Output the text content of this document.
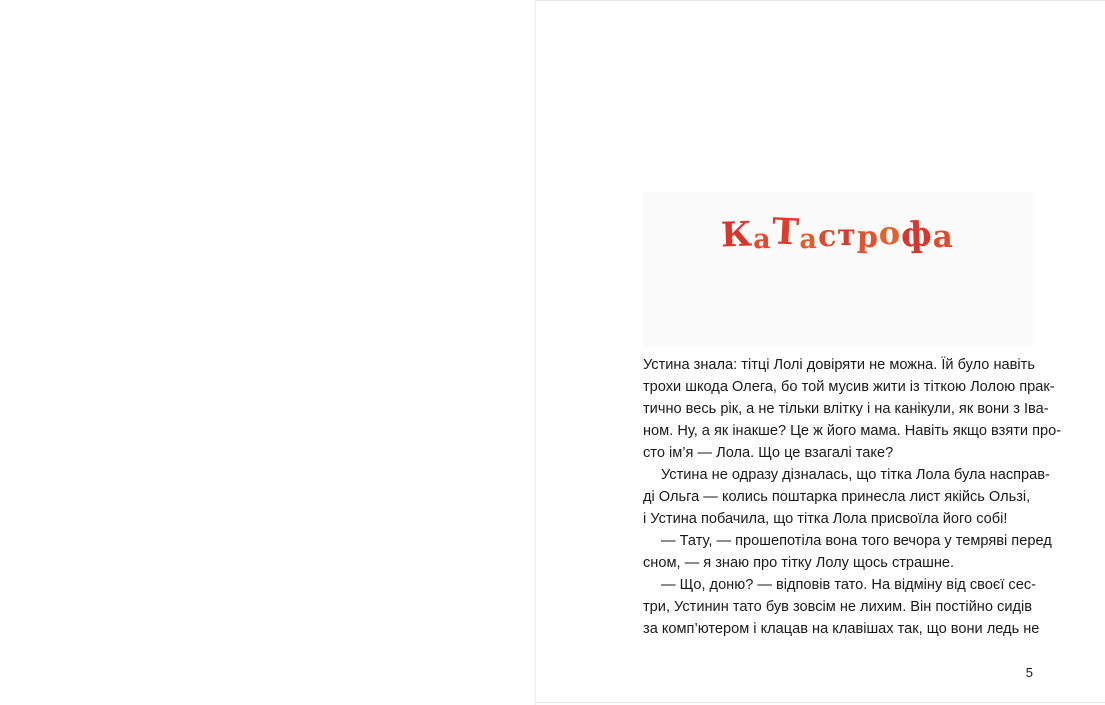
КаТастрофа
Устина знала: тітці Лолі довіряти не можна. Їй було навіть
трохи шкода Олега, бо той мусив жити із тіткою Лолою прак-
тично весь рік, а не тільки влітку і на канікули, як вони з Іва-
ном. Ну, а як інакше? Це ж його мама. Навіть якщо взяти про-
сто ім’я — Лола. Що це взагалі таке?
Устина не одразу дізналась, що тітка Лола була насправ-
ді Ольга — колись поштарка принесла лист якійсь Ользі,
і Устина побачила, що тітка Лола присвоїла його собі!
— Тату, — прошепотіла вона того вечора у темряві перед
сном, — я знаю про тітку Лолу щось страшне.
— Що, доню? — відповів тато. На відміну від своєї сес-
три, Устинин тато був зовсім не лихим. Він постійно сидів
за комп’ютером і клацав на клавішах так, що вони ледь не
5
